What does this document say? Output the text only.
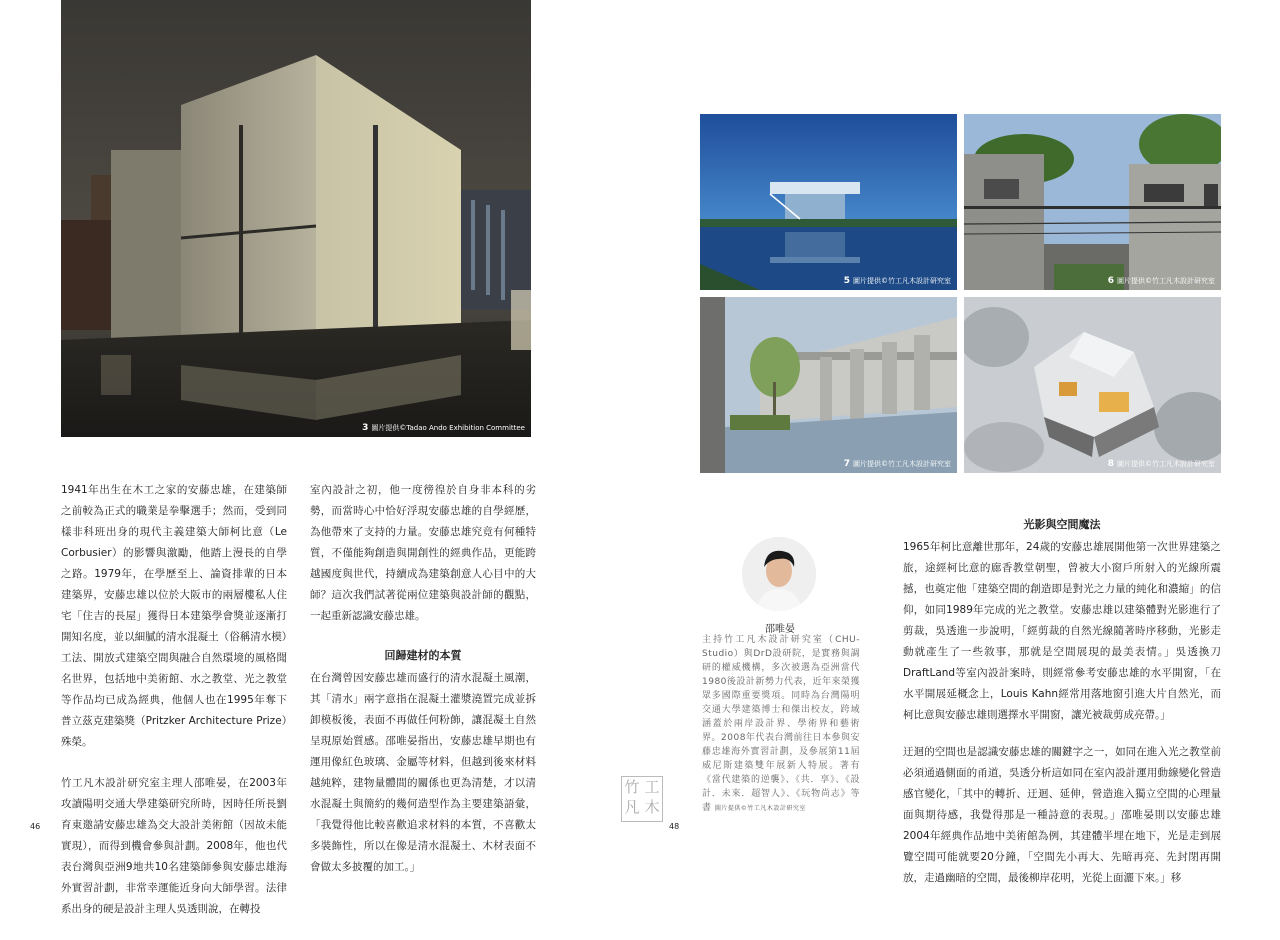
3 圖片提供©Tadao Ando Exhibition Committee
5 圖片提供©竹工凡木設計研究室	6 圖片提供©竹工凡木設計研究室
7 圖片提供©竹工凡木設計研究室	8 圖片提供©竹工凡木設計研究室

1941年出生在木工之家的安藤忠雄，在建築師之前較為正式的職業是拳擊選手；然而，受到同樣非科班出身的現代主義建築大師柯比意（Le Corbusier）的影響與激勵，他踏上漫長的自學之路。1979年，在學歷至上、論資排輩的日本建築界，安藤忠雄以位於大阪市的兩層樓私人住宅「住吉的長屋」獲得日本建築學會獎並逐漸打開知名度，並以細膩的清水混凝土（俗稱清水模）工法、開放式建築空間與融合自然環境的風格聞名世界，包括地中美術館、水之教堂、光之教堂等作品均已成為經典，他個人也在1995年奪下普立茲克建築獎（Pritzker Architecture Prize）殊榮。

竹工凡木設計研究室主理人邵唯晏，在2003年攻讀陽明交通大學建築研究所時，因時任所長劉育東邀請安藤忠雄為交大設計美術館（因故未能實現），而得到機會參與計劃。2008年，他也代表台灣與亞洲9地共10名建築師參與安藤忠雄海外實習計劃，非常幸運能近身向大師學習。法律系出身的硬是設計主理人吳透則說，在轉投

室內設計之初，他一度徬徨於自身非本科的劣勢，而當時心中恰好浮現安藤忠雄的自學經歷，為他帶來了支持的力量。安藤忠雄究竟有何種特質，不僅能夠創造與開創性的經典作品，更能跨越國度與世代，持續成為建築創意人心目中的大師？這次我們試著從兩位建築與設計師的觀點，一起重新認識安藤忠雄。

回歸建材的本質

在台灣曾因安藤忠雄而盛行的清水混凝土風潮，其「清水」兩字意指在混凝土灌漿澆置完成並拆卸模板後，表面不再做任何粉飾，讓混凝土自然呈現原始質感。邵唯晏指出，安藤忠雄早期也有運用像紅色玻璃、金屬等材料，但越到後來材料越純粹，建物量體間的關係也更為清楚，才以清水混凝土與簡約的幾何造型作為主要建築語彙，「我覺得他比較喜歡追求材料的本質，不喜歡太多裝飾性，所以在像是清水混凝土、木材表面不會做太多披覆的加工。」

邵唯晏
主持竹工凡木設計研究室（CHU-Studio）與DrD設研院，是實務與調研的權威機構，多次被選為亞洲當代1980後設計新勢力代表，近年來榮獲眾多國際重要獎項。同時為台灣陽明交通大學建築博士和傑出校友，跨域涵蓋於兩岸設計界、學術界和藝術界。2008年代表台灣前往日本參與安藤忠雄海外實習計劃，及參展第11屆威尼斯建築雙年展新人特展。著有《當代建築的逆襲》、《共．享》、《設計．未來．超智人》、《玩物尚志》等書 圖片提供©竹工凡木設計研究室
光影與空間魔法

1965年柯比意離世那年，24歲的安藤忠雄展開他第一次世界建築之旅，途經柯比意的廊香教堂朝聖，曾被大小窗戶所射入的光線所震撼，也奠定他「建築空間的創造即是對光之力量的純化和濃縮」的信仰，如同1989年完成的光之教堂。安藤忠雄以建築體對光影進行了剪裁，吳透進一步說明，「經剪裁的自然光線隨著時序移動，光影走動就產生了一些敘事，那就是空間展現的最美表情。」吳透換刀DraftLand等室內設計案時，則經常參考安藤忠雄的水平開窗，「在水平開展延概念上，Louis Kahn經常用落地窗引進大片自然光，而柯比意與安藤忠雄則選擇水平開窗，讓光被裁剪成亮帶。」

迂迴的空間也是認識安藤忠雄的關鍵字之一，如同在進入光之教堂前必須通過側面的甬道，吳透分析這如同在室內設計運用動線變化營造感官變化，「其中的轉折、迂迴、延伸，營造進入獨立空間的心理量面與期待感，我覺得那是一種詩意的表現。」邵唯晏則以安藤忠雄2004年經典作品地中美術館為例，其建體半埋在地下，光是走到展覽空間可能就要20分鐘，「空間先小再大、先暗再亮、先封閉再開放，走過幽暗的空間，最後柳岸花明，光從上面灑下來。」移

竹 工
凡 木
46	48
